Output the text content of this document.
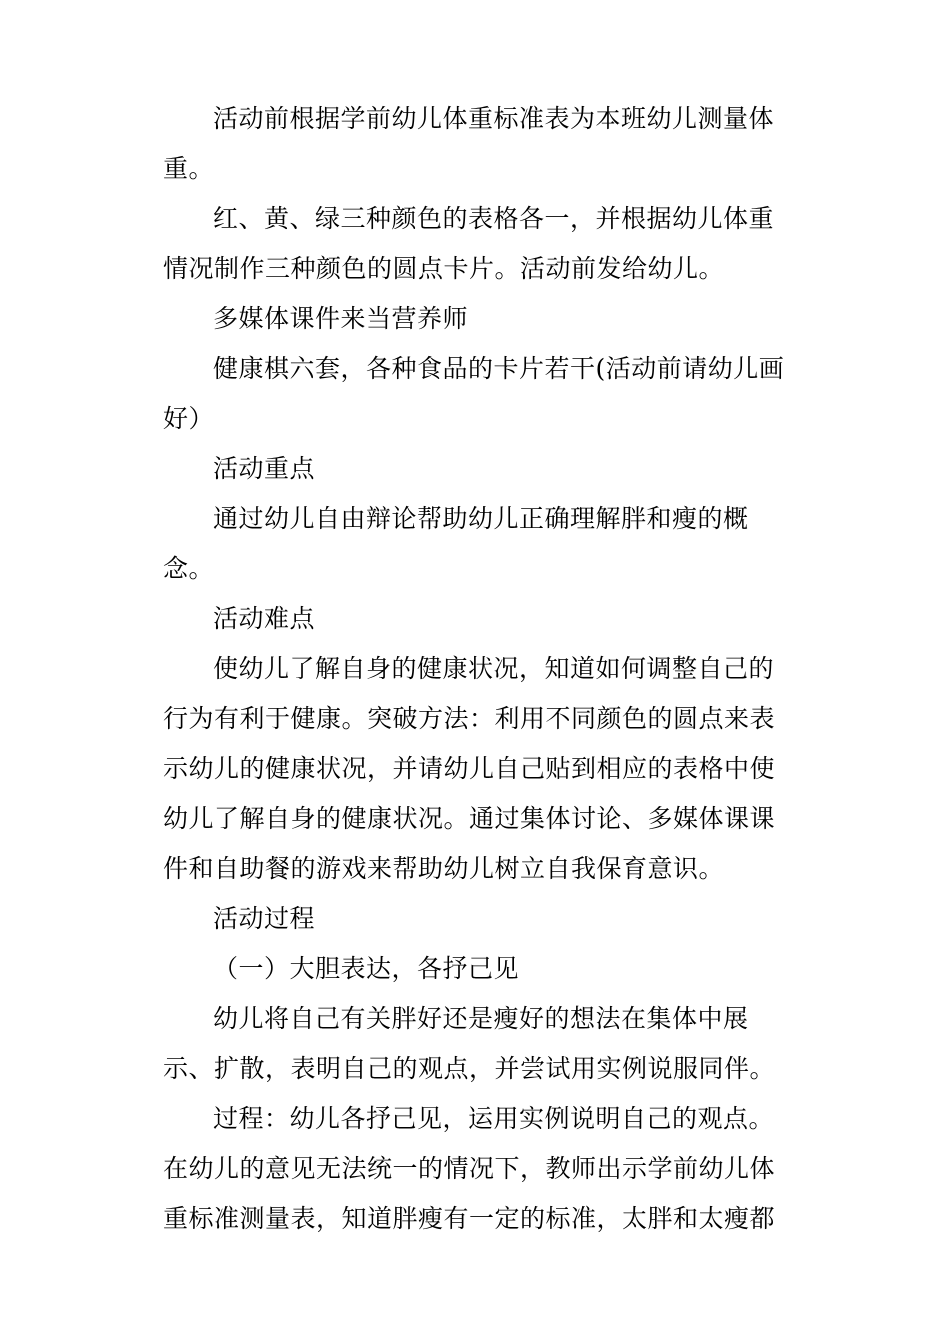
活动前根据学前幼儿体重标准表为本班幼儿测量体重。

红、黄、绿三种颜色的表格各一，并根据幼儿体重情况制作三种颜色的圆点卡片。活动前发给幼儿。

多媒体课件来当营养师

健康棋六套，各种食品的卡片若干(活动前请幼儿画好）

活动重点

通过幼儿自由辩论帮助幼儿正确理解胖和瘦的概念。

活动难点

使幼儿了解自身的健康状况，知道如何调整自己的行为有利于健康。突破方法：利用不同颜色的圆点来表示幼儿的健康状况，并请幼儿自己贴到相应的表格中使幼儿了解自身的健康状况。通过集体讨论、多媒体课课件和自助餐的游戏来帮助幼儿树立自我保育意识。

活动过程

（一）大胆表达，各抒己见

幼儿将自己有关胖好还是瘦好的想法在集体中展示、扩散，表明自己的观点，并尝试用实例说服同伴。

过程：幼儿各抒己见，运用实例说明自己的观点。在幼儿的意见无法统一的情况下，教师出示学前幼儿体重标准测量表，知道胖瘦有一定的标准，太胖和太瘦都
